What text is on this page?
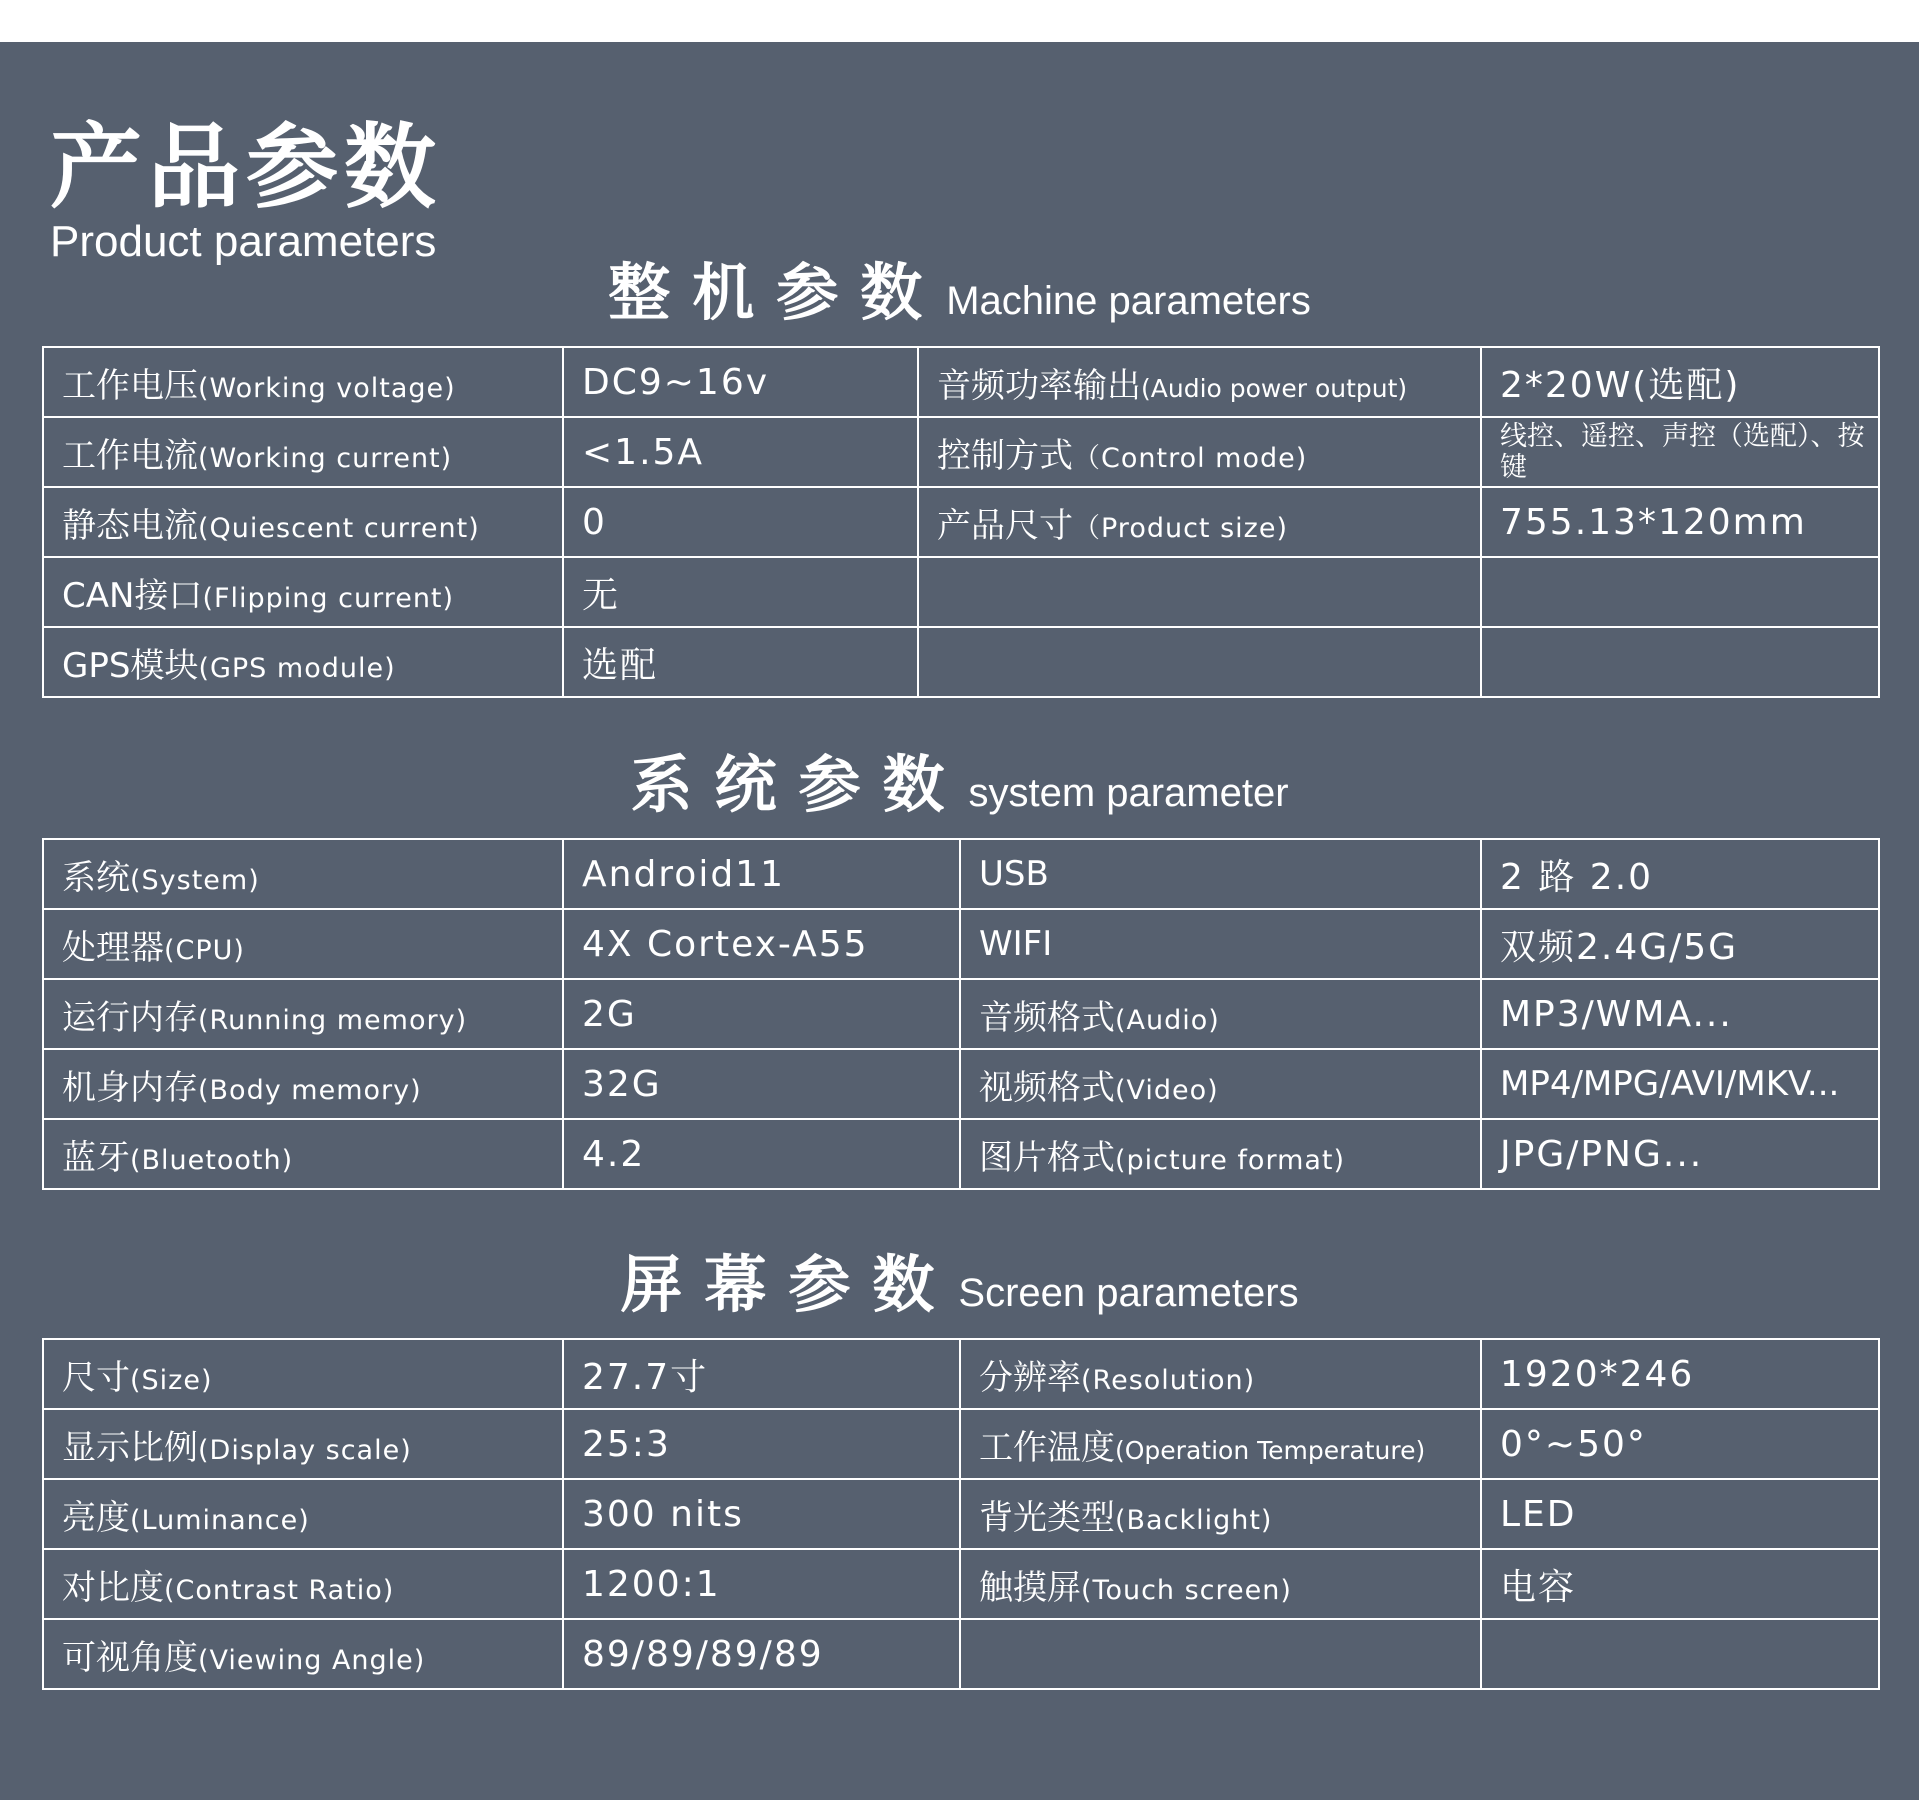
产品参数
Product parameters
整机参数Machine parameters
工作电压(Working voltage)	DC9~16v	音频功率输出(Audio power output)	2*20W(选配)
工作电流(Working current)	<1.5A	控制方式（Control mode)	线控、遥控、声控（选配）、按键
静态电流(Quiescent current)	0	产品尺寸（Product size)	755.13*120mm
CAN接口(Flipping current)	无		
GPS模块(GPS module)	选配		
系统参数system parameter
系统(System)	Android11	USB	2 路 2.0
处理器(CPU)	4X Cortex-A55	WIFI	双频2.4G/5G
运行内存(Running memory)	2G	音频格式(Audio)	MP3/WMA...
机身内存(Body memory)	32G	视频格式(Video)	MP4/MPG/AVI/MKV...
蓝牙(Bluetooth)	4.2	图片格式(picture format)	JPG/PNG...
屏幕参数Screen parameters
尺寸(Size)	27.7寸	分辨率(Resolution)	1920*246
显示比例(Display scale)	25:3	工作温度(Operation Temperature)	0°~50°
亮度(Luminance)	300 nits	背光类型(Backlight)	LED
对比度(Contrast Ratio)	1200:1	触摸屏(Touch screen)	电容
可视角度(Viewing Angle)	89/89/89/89		
